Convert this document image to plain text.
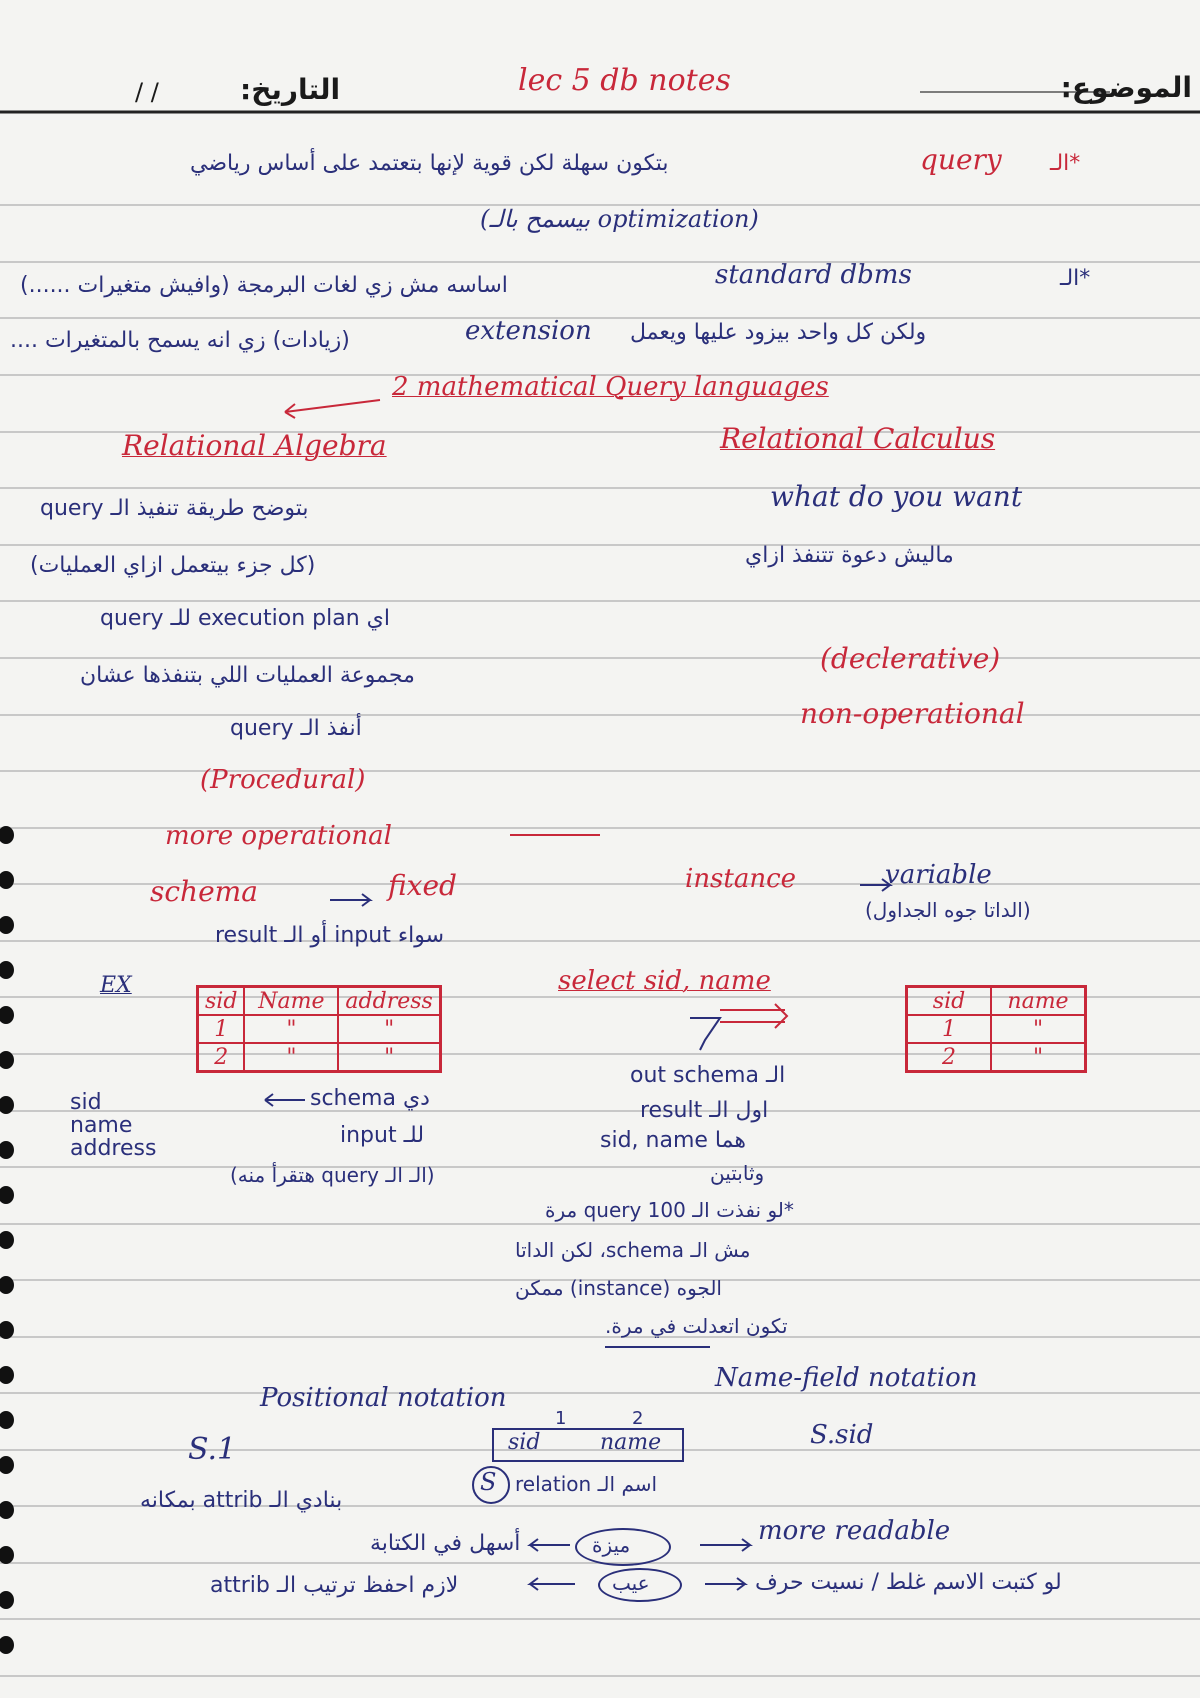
الموضوع:
lec 5 db notes
التاريخ:
/ /
بتكون سهلة لكن قوية لإنها بتعتمد على أساس رياضي	query *الـ
(بيسمح بالـ optimization)
اساسه مش زي لغات البرمجة (وافيش متغيرات ......)	standard dbms	*الـ
ولكن كل واحد بيزود عليها ويعمل
extension
(زيادات) زي انه يسمح بالمتغيرات ....
2 mathematical Query languages
Relational Algebra
بتوضح طريقة تنفيذ الـ query
(كل جزء بيتعمل ازاي العمليات)
اي execution plan للـ query
مجموعة العمليات اللي بتنفذها عشان
أنفذ الـ query
(Procedural)
more operational
Relational Calculus
what do you want
ماليش دعوة تتنفذ ازاي
(declerative)
non-operational
schema	fixed	instance	variable
(الداتا جوه الجداول)
سواء input أو الـ result
EX
sid	Name	address
1	"	"
2	"	"
select sid, name
sid	name
1	"
2	"
sid
name
address
دي schema
للـ input
(الـ الـ query هتقرأ منه)
الـ out schema
اول الـ result
هما sid, name
وثابتين
*لو نفذت الـ query 100 مرة
مش الـ schema، لكن الداتا
الجوه (instance) ممكن
تكون اتعدلت في مرة.
Positional notation
Name-field notation
S.1	S.sid
1	2
sid	name
S اسم الـ relation
بنادي الـ attrib بمكانه
ميزة
أسهل في الكتابة	more readable
عيب
لازم احفظ ترتيب الـ attrib	لو كتبت الاسم غلط / نسيت حرف
